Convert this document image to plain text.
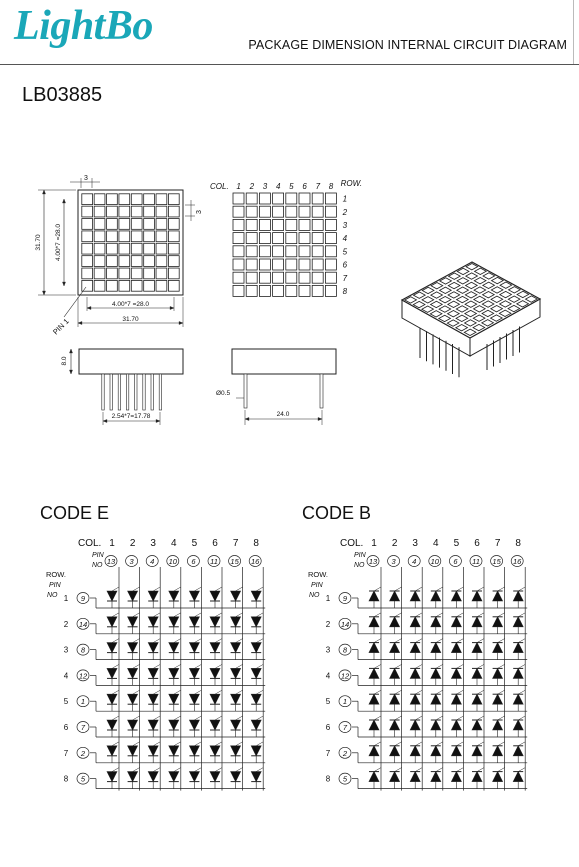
LightBo	PACKAGE DIMENSION INTERNAL CIRCUIT DIAGRAM
LB03885
CODE E	CODE B
3
3
31.70 4.00*7 =28.0
4.00*7 =28.0
31.70
PIN 1
COL. 1 2 3 4 5 6 7 8 ROW.
1
2
3
4
5
6
7
8
8.0
2.54*7=17.78
Ø0.5
24.0
COL. 1 2 3 4 5 6 7 8
PIN
NO 13 3 4 10 6 11 15 16
ROW.
PIN
NO 1 9
2 14
3 8
4 12
5 1
6 7
7 2
8 5
COL. 1 2 3 4 5 6 7 8
PIN
NO 13 3 4 10 6 11 15 16
ROW.
PIN
NO 1 9
2 14
3 8
4 12
5 1
6 7
7 2
8 5
